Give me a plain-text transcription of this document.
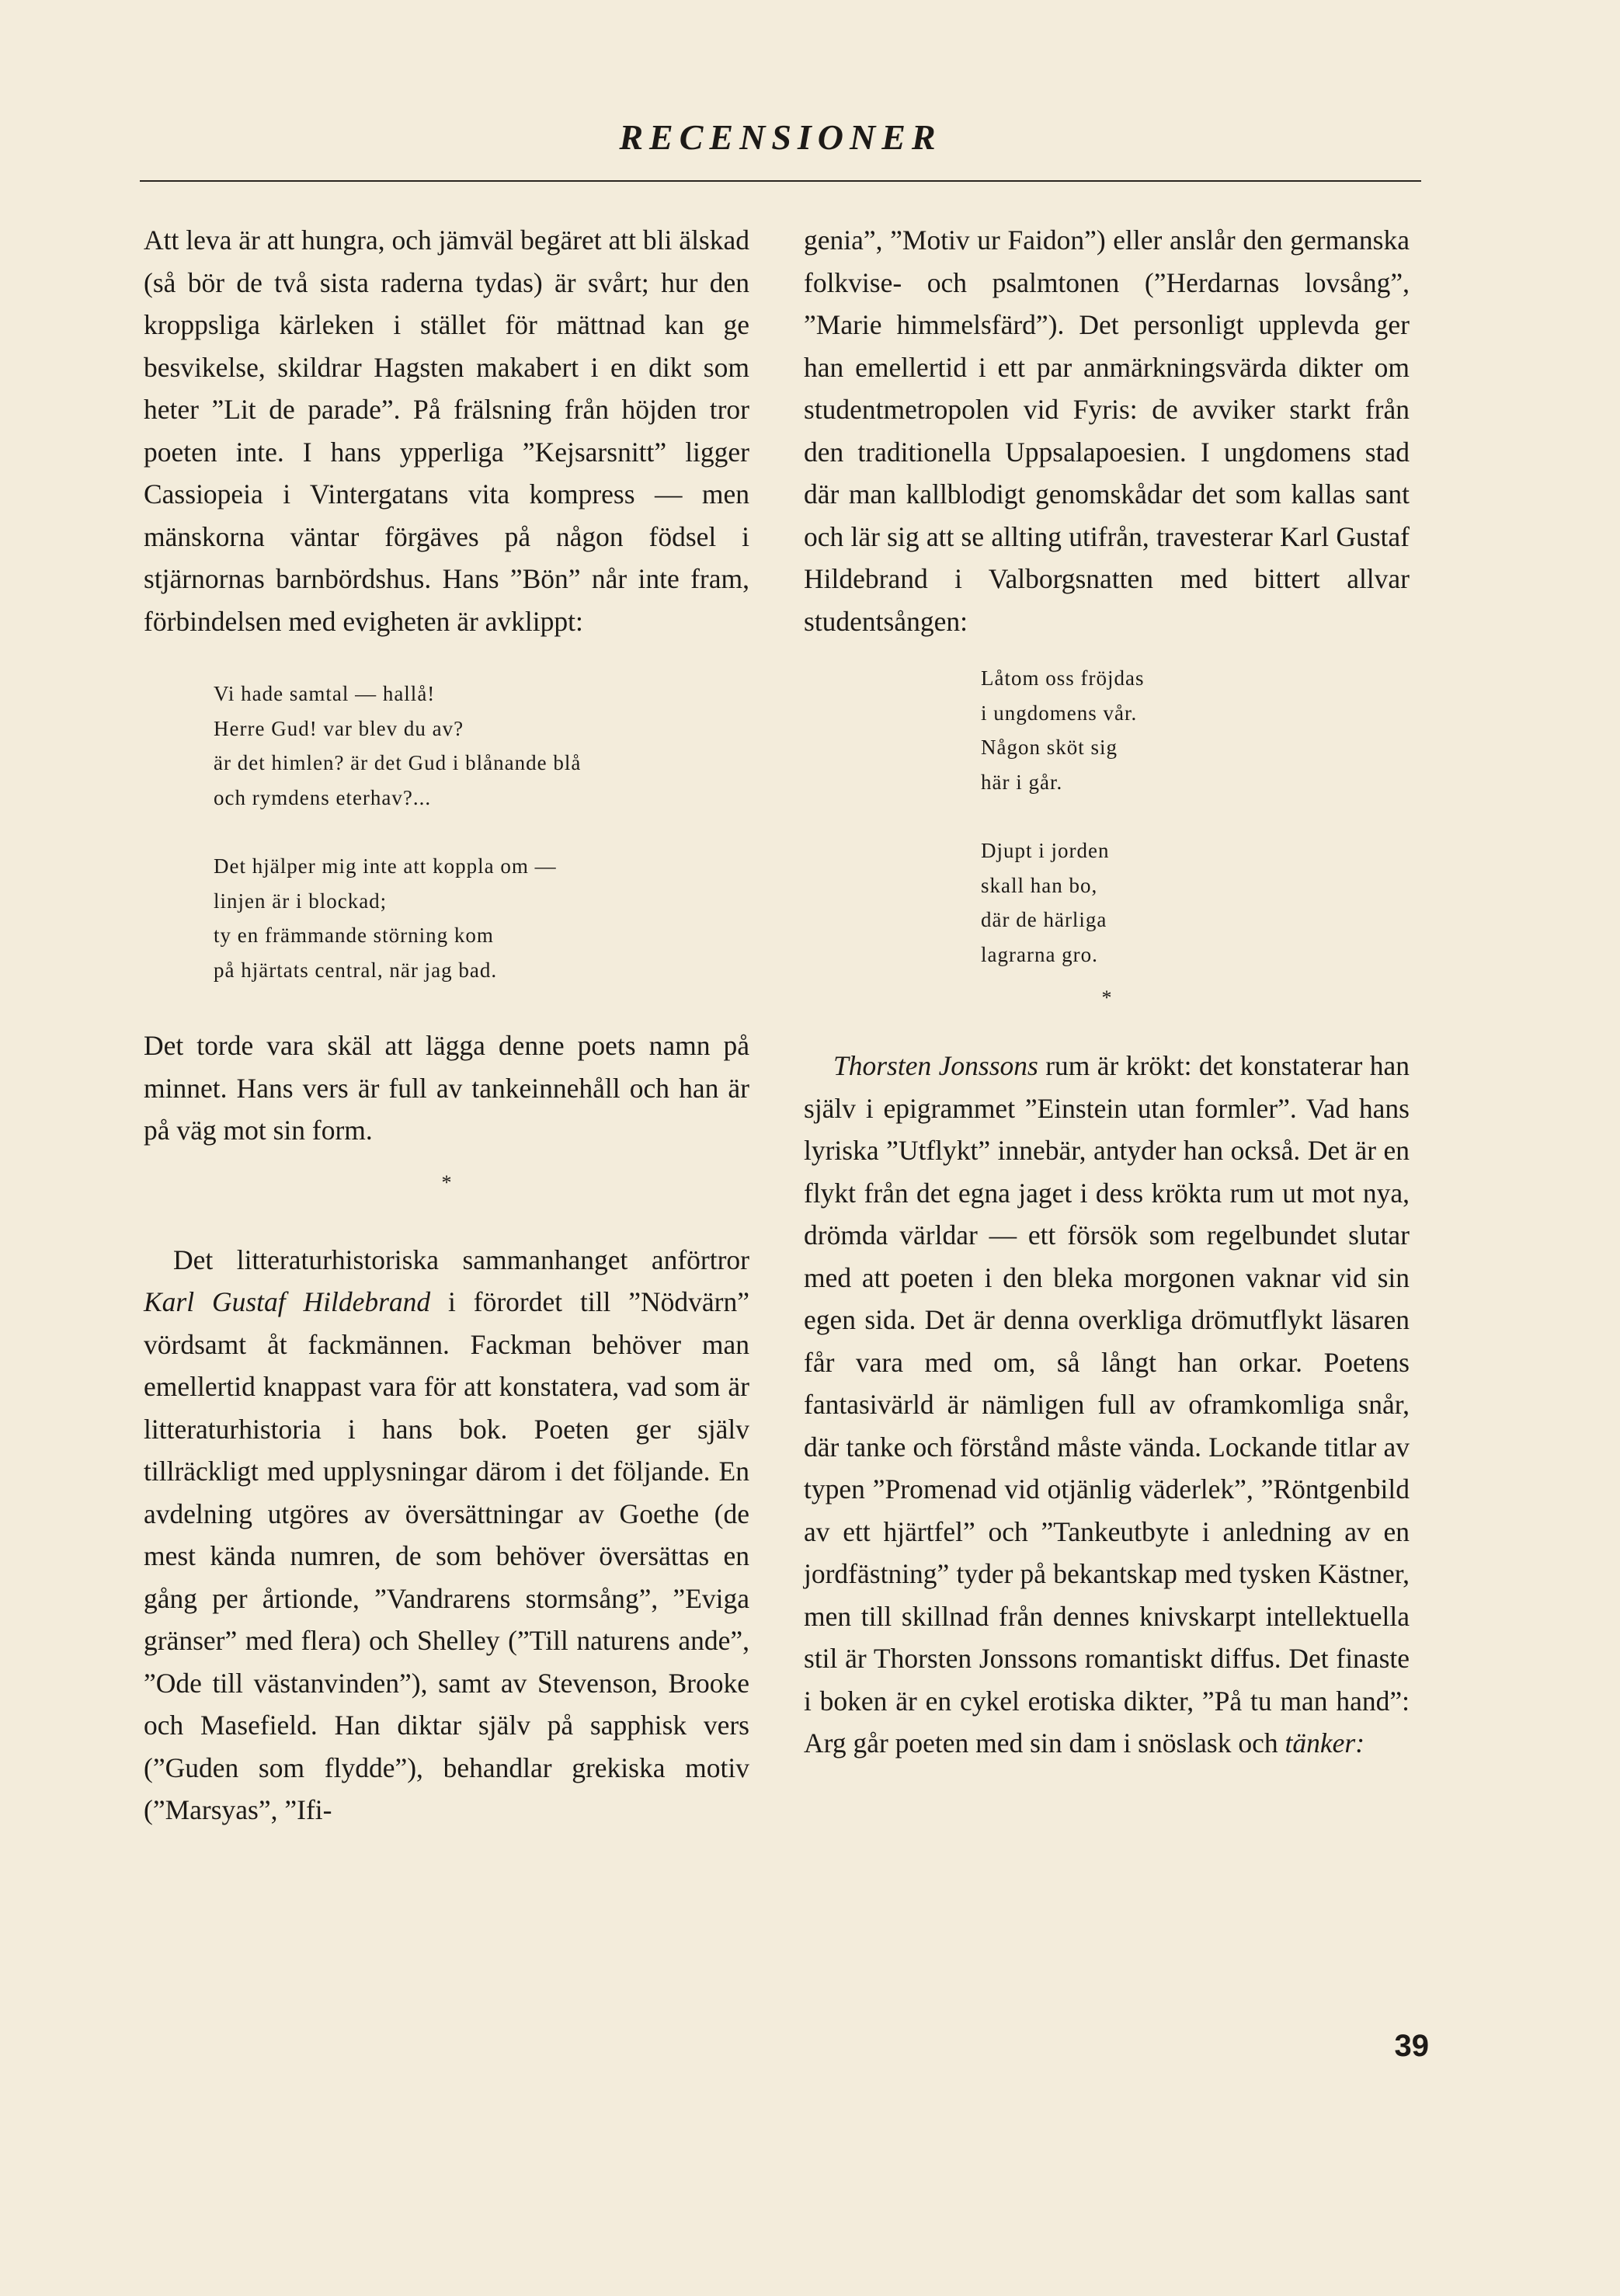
RECENSIONER

Att leva är att hungra, och jämväl begäret att bli älskad (så bör de två sista raderna tydas) är svårt; hur den kroppsliga kärleken i stället för mättnad kan ge besvikelse, skildrar Hagsten makabert i en dikt som heter ”Lit de parade”. På frälsning från höjden tror poeten inte. I hans ypperliga ”Kejsarsnitt” ligger Cassiopeia i Vintergatans vita kompress — men mänskorna väntar förgäves på någon födsel i stjärnornas barnbördshus. Hans ”Bön” når inte fram, förbindelsen med evigheten är avklippt:

Vi hade samtal — hallå!
Herre Gud! var blev du av?
är det himlen? är det Gud i blånande blå
och rymdens eterhav?...
Det hjälper mig inte att koppla om —
linjen är i blockad;
ty en främmande störning kom
på hjärtats central, när jag bad.

Det torde vara skäl att lägga denne poets namn på minnet. Hans vers är full av tankeinnehåll och han är på väg mot sin form.

*

Det litteraturhistoriska sammanhanget anförtror Karl Gustaf Hildebrand i förordet till ”Nödvärn” vördsamt åt fackmännen. Fackman behöver man emellertid knappast vara för att konstatera, vad som är litteraturhistoria i hans bok. Poeten ger själv tillräckligt med upplysningar därom i det följande. En avdelning utgöres av översättningar av Goethe (de mest kända numren, de som behöver översättas en gång per årtionde, ”Vandrarens stormsång”, ”Eviga gränser” med flera) och Shelley (”Till naturens ande”, ”Ode till västanvinden”), samt av Stevenson, Brooke och Masefield. Han diktar själv på sapphisk vers (”Guden som flydde”), behandlar grekiska motiv (”Marsyas”, ”Ifi-

genia”, ”Motiv ur Faidon”) eller anslår den germanska folkvise- och psalmtonen (”Herdarnas lovsång”, ”Marie himmelsfärd”). Det personligt upplevda ger han emellertid i ett par anmärkningsvärda dikter om studentmetropolen vid Fyris: de avviker starkt från den traditionella Uppsalapoesien. I ungdomens stad där man kallblodigt genomskådar det som kallas sant och lär sig att se allting utifrån, travesterar Karl Gustaf Hildebrand i Valborgsnatten med bittert allvar studentsången:

Låtom oss fröjdas
i ungdomens vår.
Någon sköt sig
här i går.
Djupt i jorden
skall han bo,
där de härliga
lagrarna gro.
*

Thorsten Jonssons rum är krökt: det konstaterar han själv i epigrammet ”Einstein utan formler”. Vad hans lyriska ”Utflykt” innebär, antyder han också. Det är en flykt från det egna jaget i dess krökta rum ut mot nya, drömda världar — ett försök som regelbundet slutar med att poeten i den bleka morgonen vaknar vid sin egen sida. Det är denna overkliga drömutflykt läsaren får vara med om, så långt han orkar. Poetens fantasivärld är nämligen full av oframkomliga snår, där tanke och förstånd måste vända. Lockande titlar av typen ”Promenad vid otjänlig väderlek”, ”Röntgenbild av ett hjärtfel” och ”Tankeutbyte i anledning av en jordfästning” tyder på bekantskap med tysken Kästner, men till skillnad från dennes knivskarpt intellektuella stil är Thorsten Jonssons romantiskt diffus. Det finaste i boken är en cykel erotiska dikter, ”På tu man hand”: Arg går poeten med sin dam i snöslask och tänker:

39
